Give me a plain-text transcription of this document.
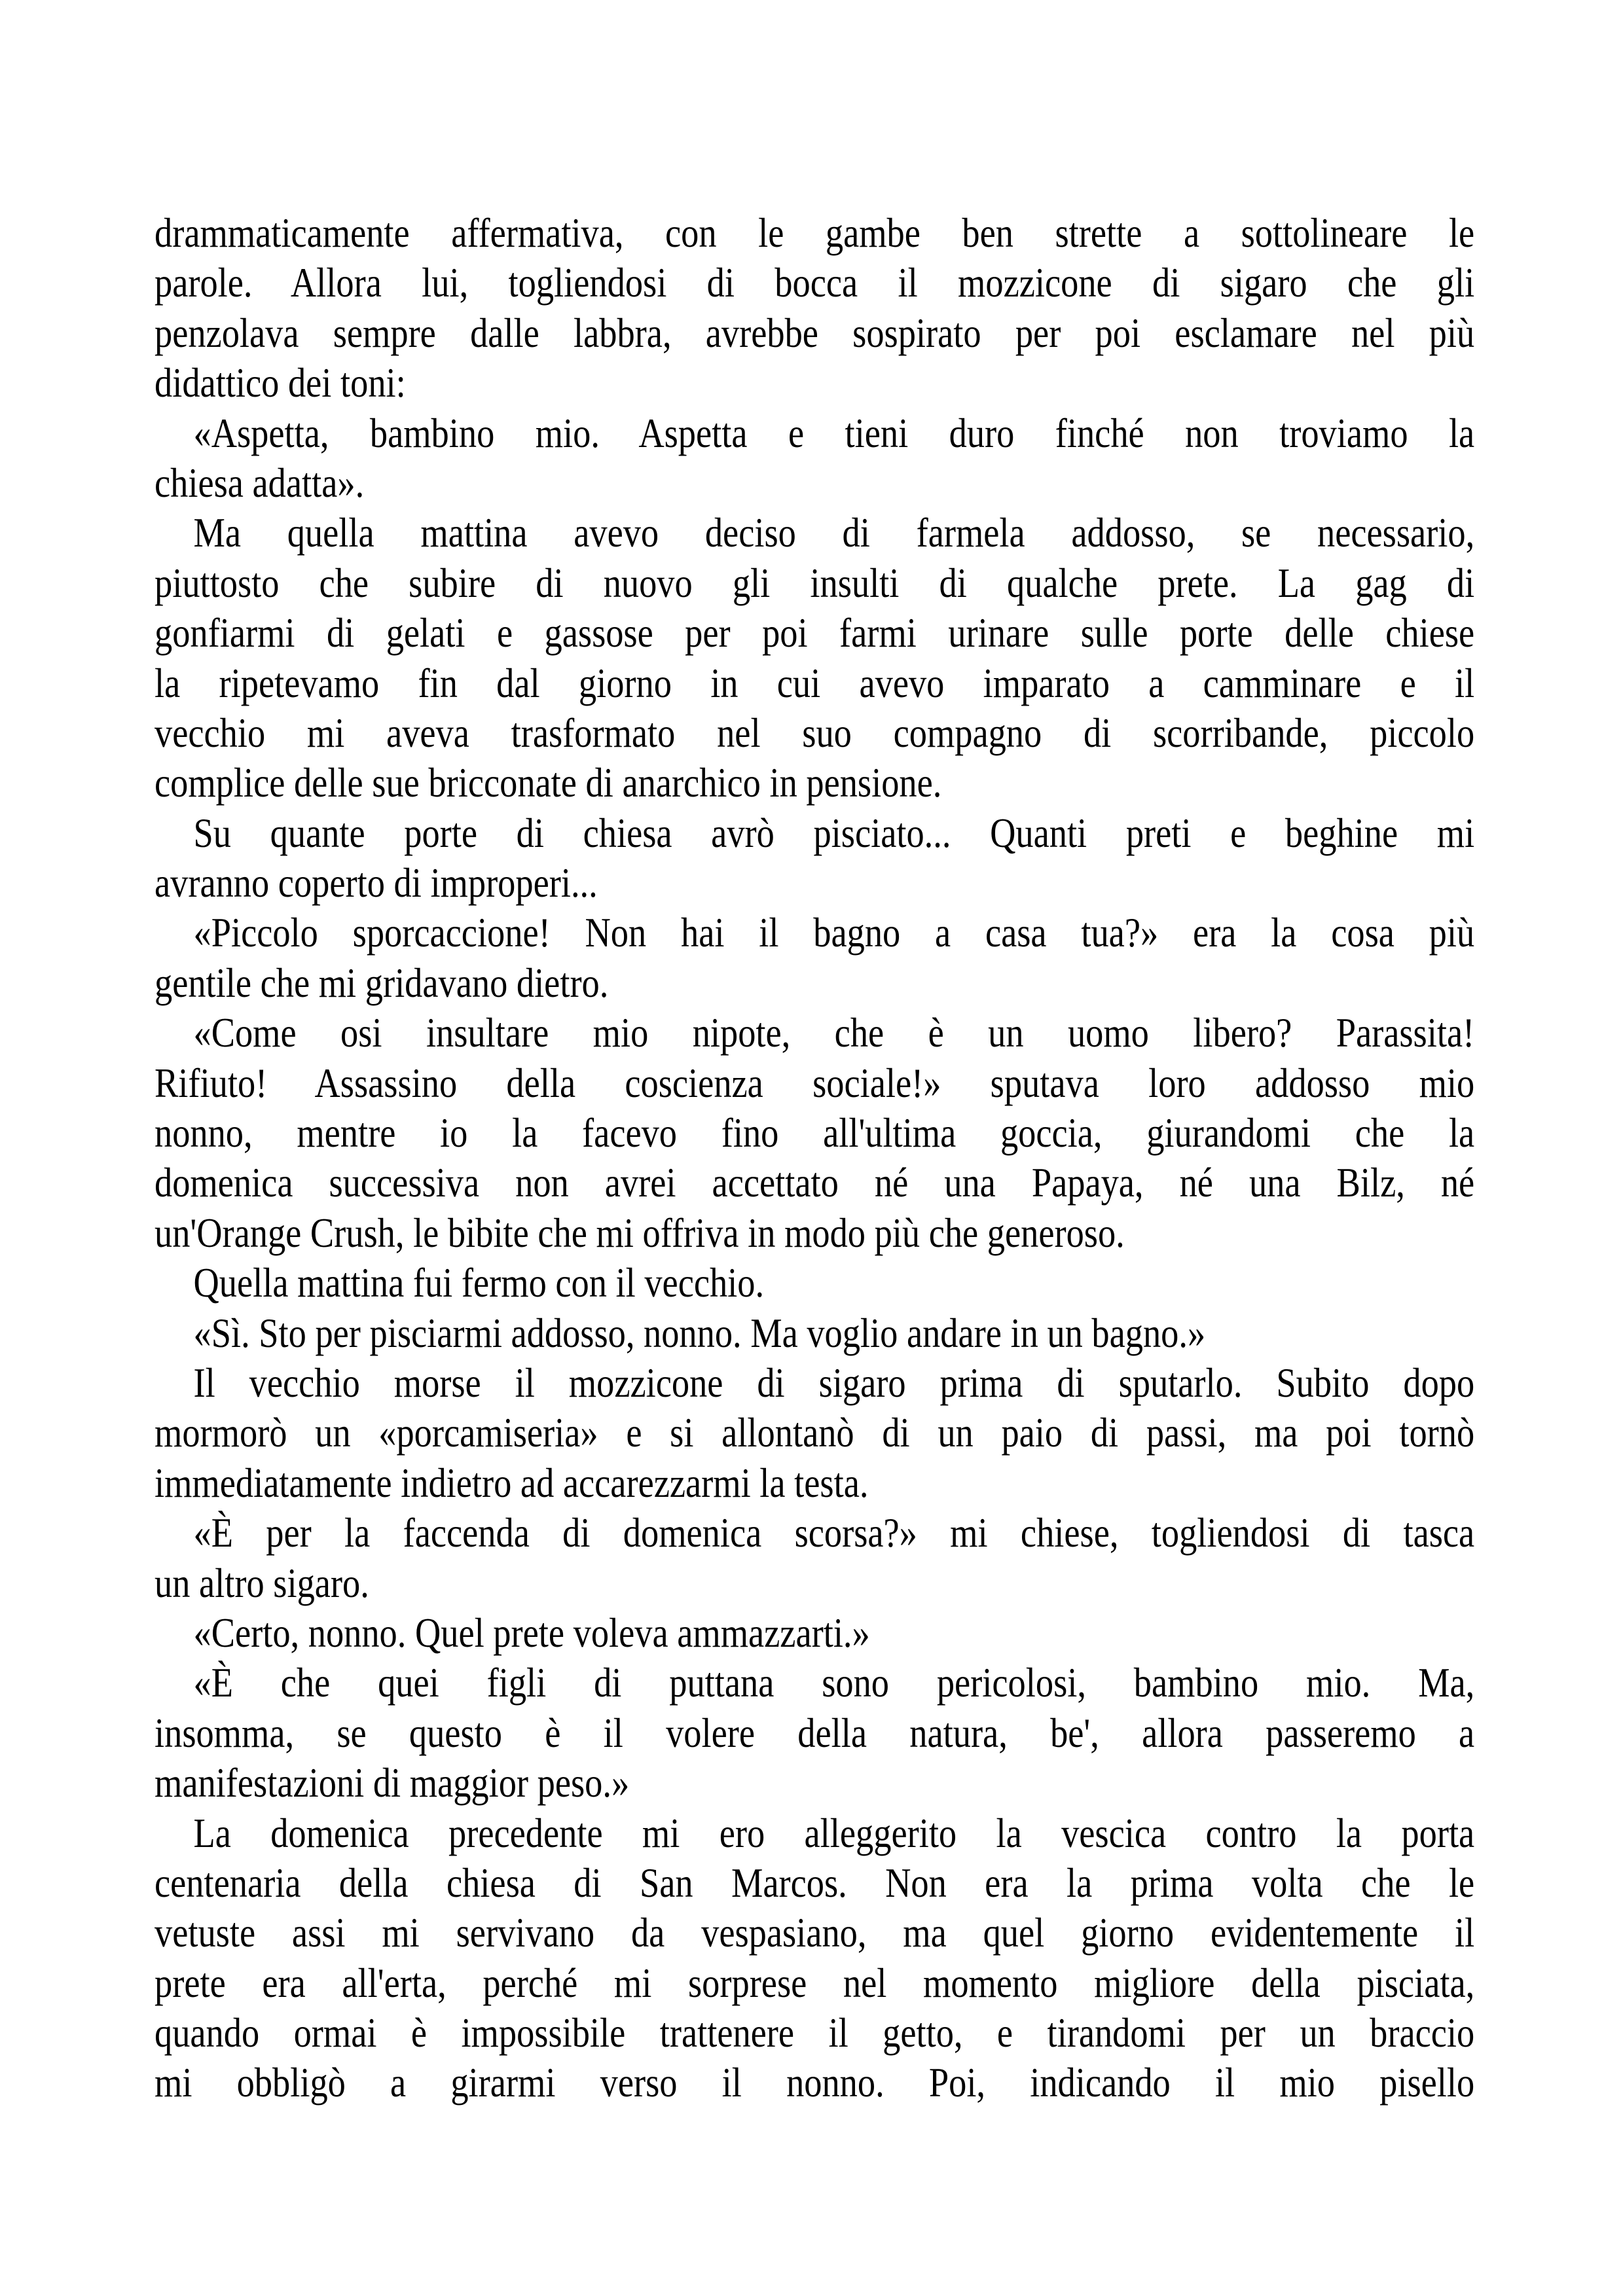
drammaticamente affermativa, con le gambe ben strette a sottolineare le
parole. Allora lui, togliendosi di bocca il mozzicone di sigaro che gli
penzolava sempre dalle labbra, avrebbe sospirato per poi esclamare nel più
didattico dei toni:
«Aspetta, bambino mio. Aspetta e tieni duro finché non troviamo la
chiesa adatta».
Ma quella mattina avevo deciso di farmela addosso, se necessario,
piuttosto che subire di nuovo gli insulti di qualche prete. La gag di
gonfiarmi di gelati e gassose per poi farmi urinare sulle porte delle chiese
la ripetevamo fin dal giorno in cui avevo imparato a camminare e il
vecchio mi aveva trasformato nel suo compagno di scorribande, piccolo
complice delle sue bricconate di anarchico in pensione.
Su quante porte di chiesa avrò pisciato... Quanti preti e beghine mi
avranno coperto di improperi...
«Piccolo sporcaccione! Non hai il bagno a casa tua?» era la cosa più
gentile che mi gridavano dietro.
«Come osi insultare mio nipote, che è un uomo libero? Parassita!
Rifiuto! Assassino della coscienza sociale!» sputava loro addosso mio
nonno, mentre io la facevo fino all'ultima goccia, giurandomi che la
domenica successiva non avrei accettato né una Papaya, né una Bilz, né
un'Orange Crush, le bibite che mi offriva in modo più che generoso.
Quella mattina fui fermo con il vecchio.
«Sì. Sto per pisciarmi addosso, nonno. Ma voglio andare in un bagno.»
Il vecchio morse il mozzicone di sigaro prima di sputarlo. Subito dopo
mormorò un «porcamiseria» e si allontanò di un paio di passi, ma poi tornò
immediatamente indietro ad accarezzarmi la testa.
«È per la faccenda di domenica scorsa?» mi chiese, togliendosi di tasca
un altro sigaro.
«Certo, nonno. Quel prete voleva ammazzarti.»
«È che quei figli di puttana sono pericolosi, bambino mio. Ma,
insomma, se questo è il volere della natura, be', allora passeremo a
manifestazioni di maggior peso.»
La domenica precedente mi ero alleggerito la vescica contro la porta
centenaria della chiesa di San Marcos. Non era la prima volta che le
vetuste assi mi servivano da vespasiano, ma quel giorno evidentemente il
prete era all'erta, perché mi sorprese nel momento migliore della pisciata,
quando ormai è impossibile trattenere il getto, e tirandomi per un braccio
mi obbligò a girarmi verso il nonno. Poi, indicando il mio pisello
